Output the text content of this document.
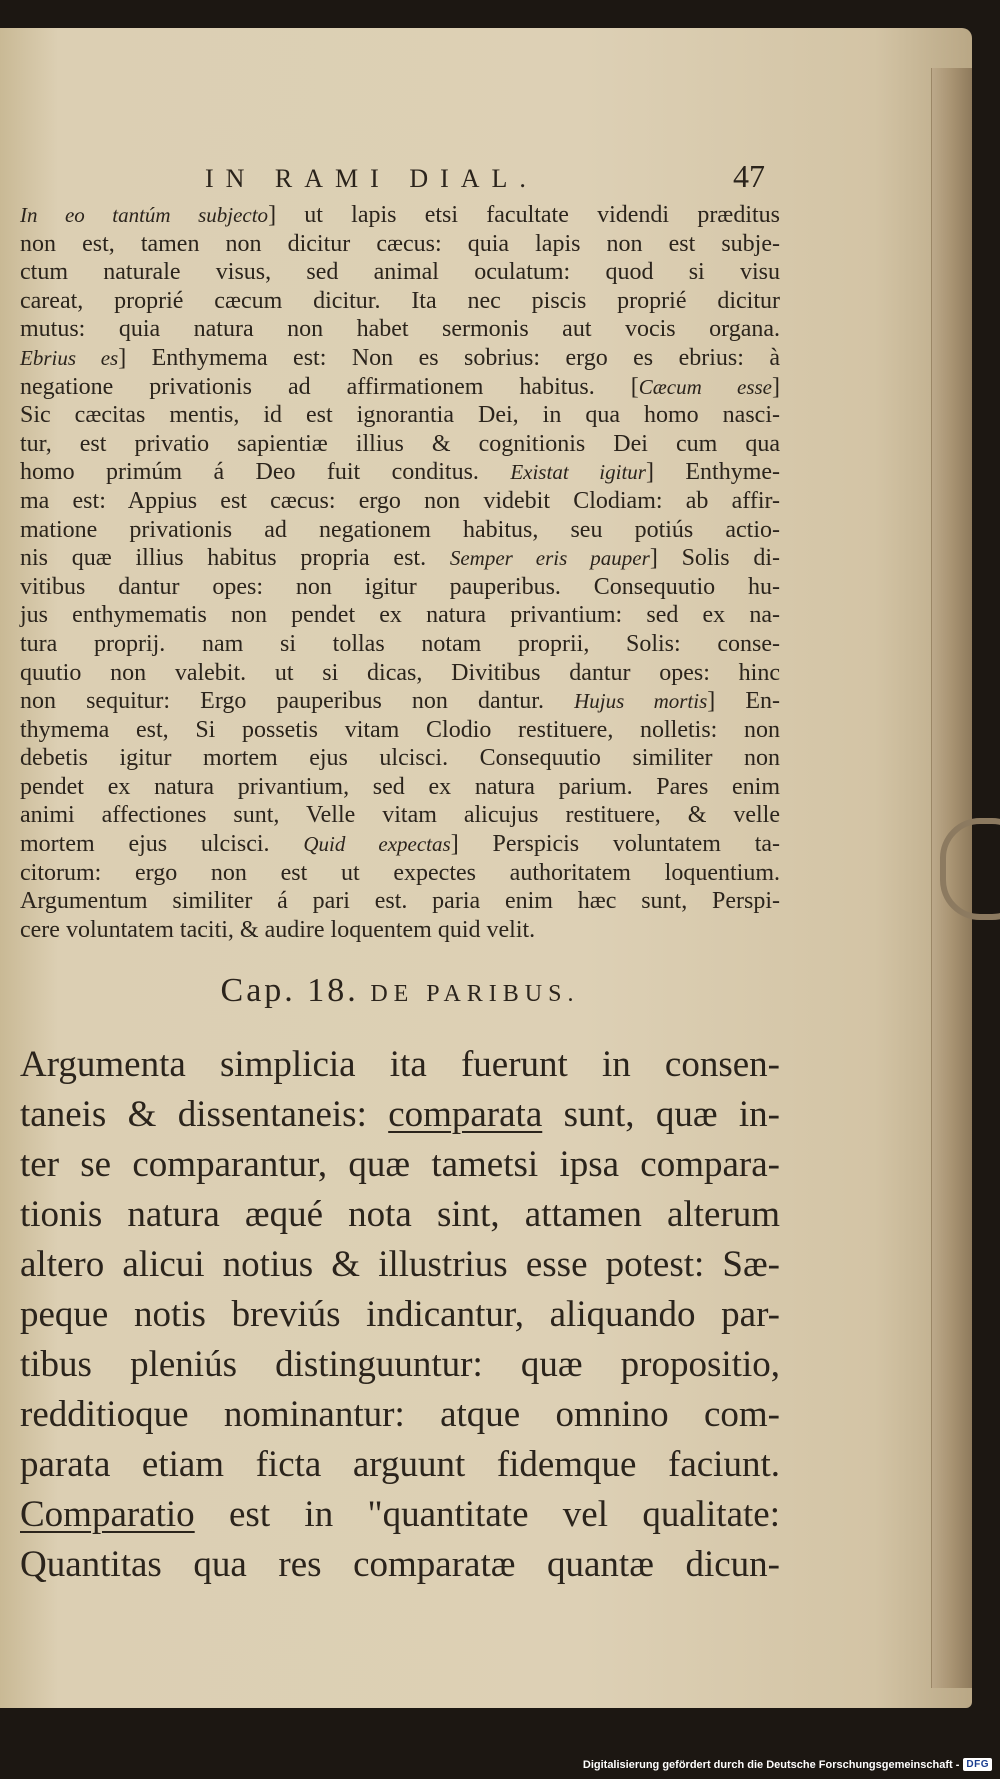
IN RAMI DIAL.	47

In eo tantúm subjecto] ut lapis etsi facultate videndi præditus

non est, tamen non dicitur cæcus: quia lapis non est subje-

ctum naturale visus, sed animal oculatum: quod si visu

careat, proprié cæcum dicitur. Ita nec piscis proprié dicitur

mutus: quia natura non habet sermonis aut vocis organa.

Ebrius es] Enthymema est: Non es sobrius: ergo es ebrius: à

negatione privationis ad affirmationem habitus. [Cæcum esse]

Sic cæcitas mentis, id est ignorantia Dei, in qua homo nasci-

tur, est privatio sapientiæ illius & cognitionis Dei cum qua

homo primúm á Deo fuit conditus. Existat igitur] Enthyme-

ma est: Appius est cæcus: ergo non videbit Clodiam: ab affir-

matione privationis ad negationem habitus, seu potiús actio-

nis quæ illius habitus propria est. Semper eris pauper] Solis di-

vitibus dantur opes: non igitur pauperibus. Consequutio hu-

jus enthymematis non pendet ex natura privantium: sed ex na-

tura proprij. nam si tollas notam proprii, Solis: conse-

quutio non valebit. ut si dicas, Divitibus dantur opes: hinc

non sequitur: Ergo pauperibus non dantur. Hujus mortis] En-

thymema est, Si possetis vitam Clodio restituere, nolletis: non

debetis igitur mortem ejus ulcisci. Consequutio similiter non

pendet ex natura privantium, sed ex natura parium. Pares enim

animi affectiones sunt, Velle vitam alicujus restituere, & velle

mortem ejus ulcisci. Quid expectas] Perspicis voluntatem ta-

citorum: ergo non est ut expectes authoritatem loquentium.

Argumentum similiter á pari est. paria enim hæc sunt, Perspi-

cere voluntatem taciti, & audire loquentem quid velit.

Cap. 18. DE PARIBUS.

Argumenta simplicia ita fuerunt in consen-

taneis & dissentaneis: comparata sunt, quæ in-

ter se comparantur, quæ tametsi ipsa compara-

tionis natura æqué nota sint, attamen alterum

altero alicui notius & illustrius esse potest: Sæ-

peque notis breviús indicantur, aliquando par-

tibus pleniús distinguuntur: quæ propositio,

redditioque nominantur: atque omnino com-

parata etiam ficta arguunt fidemque faciunt.

Comparatio est in "quantitate vel qualitate:

Quantitas qua res comparatæ quantæ dicun-

Digitalisierung gefördert durch die Deutsche Forschungsgemeinschaft - DFG
